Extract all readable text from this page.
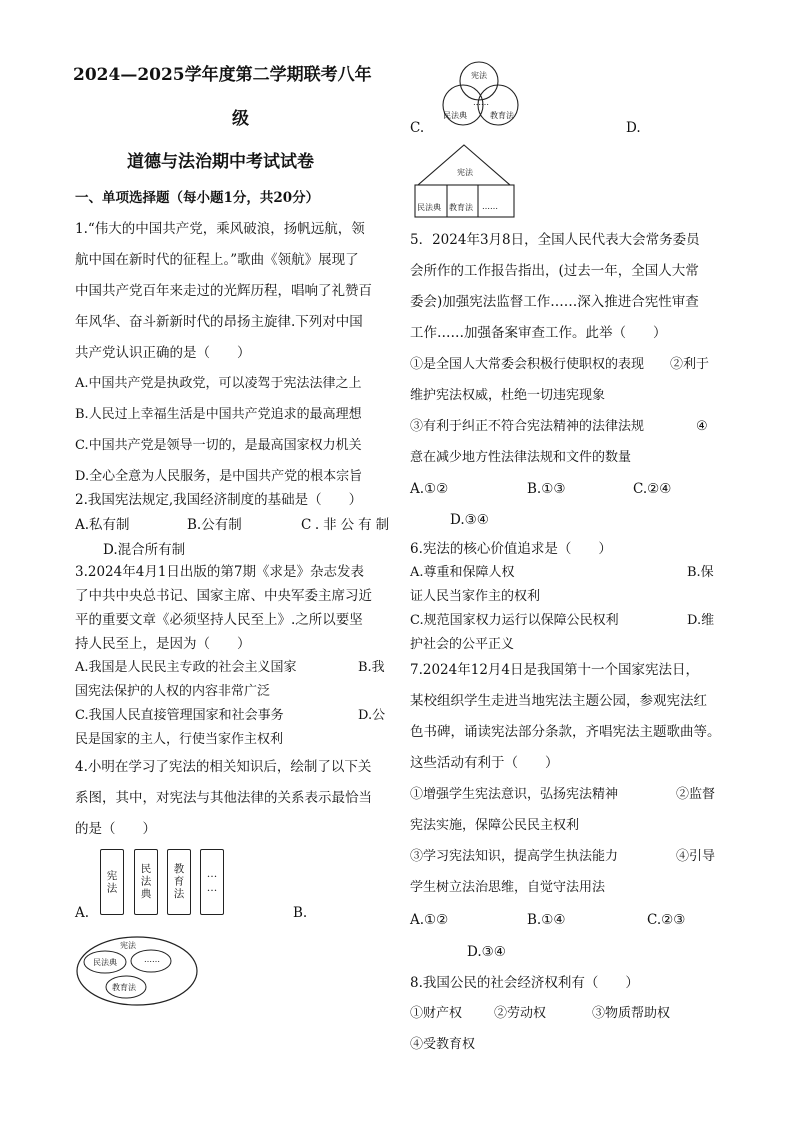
2024—2025学年度第二学期联考八年
级
道德与法治期中考试试卷
一、单项选择题（每小题1分，共20分）
1.“伟大的中国共产党，乘风破浪，扬帆远航，领
航中国在新时代的征程上。”歌曲《领航》展现了
中国共产党百年来走过的光辉历程，唱响了礼赞百
年风华、奋斗新新时代的昂扬主旋律.下列对中国
共产党认识正确的是（　　）
A.中国共产党是执政党，可以凌驾于宪法法律之上
B.人民过上幸福生活是中国共产党追求的最高理想
C.中国共产党是领导一切的，是最高国家权力机关
D.全心全意为人民服务，是中国共产党的根本宗旨
2.我国宪法规定,我国经济制度的基础是（　　）
A.私有制	B.公有制	C.非公有制
D.混合所有制
3.2024年4月1日出版的第7期《求是》杂志发表
了中共中央总书记、国家主席、中央军委主席习近
平的重要文章《必须坚持人民至上》.之所以要坚
持人民至上，是因为（　　）
A.我国是人民民主专政的社会主义国家	B.我
国宪法保护的人权的内容非常广泛
C.我国人民直接管理国家和社会事务	D.公
民是国家的主人，行使当家作主权利
4.小明在学习了宪法的相关知识后，绘制了以下关
系图，其中，对宪法与其他法律的关系表示最恰当
的是（　　）
A.
宪法	民法典	教育法	……
B.
宪法
民法典	……
教育法
宪法
民法典
……
教育法
C.	D.
宪法
民法典 教育法 ……
5．2024年3月8日，全国人民代表大会常务委员
会所作的工作报告指出，(过去一年，全国人大常
委会)加强宪法监督工作……深入推进合宪性审查
工作……加强备案审查工作。此举（　　）
①是全国人大常委会积极行使职权的表现 ②利于
维护宪法权威，杜绝一切违宪现象
③有利于纠正不符合宪法精神的法律法规	④
意在减少地方性法律法规和文件的数量
A.①②	B.①③	C.②④
D.③④
6.宪法的核心价值追求是（　　）
A.尊重和保障人权	B.保
证人民当家作主的权利
C.规范国家权力运行以保障公民权利	D.维
护社会的公平正义
7.2024年12月4日是我国第十一个国家宪法日，
某校组织学生走进当地宪法主题公园，参观宪法红
色书碑，诵读宪法部分条款，齐唱宪法主题歌曲等。
这些活动有利于（　　）
①增强学生宪法意识，弘扬宪法精神	②监督
宪法实施，保障公民民主权利
③学习宪法知识，提高学生执法能力	④引导
学生树立法治思维，自觉守法用法
A.①②	B.①④	C.②③
D.③④
8.我国公民的社会经济权利有（　　）
①财产权 ②劳动权	③物质帮助权
④受教育权
